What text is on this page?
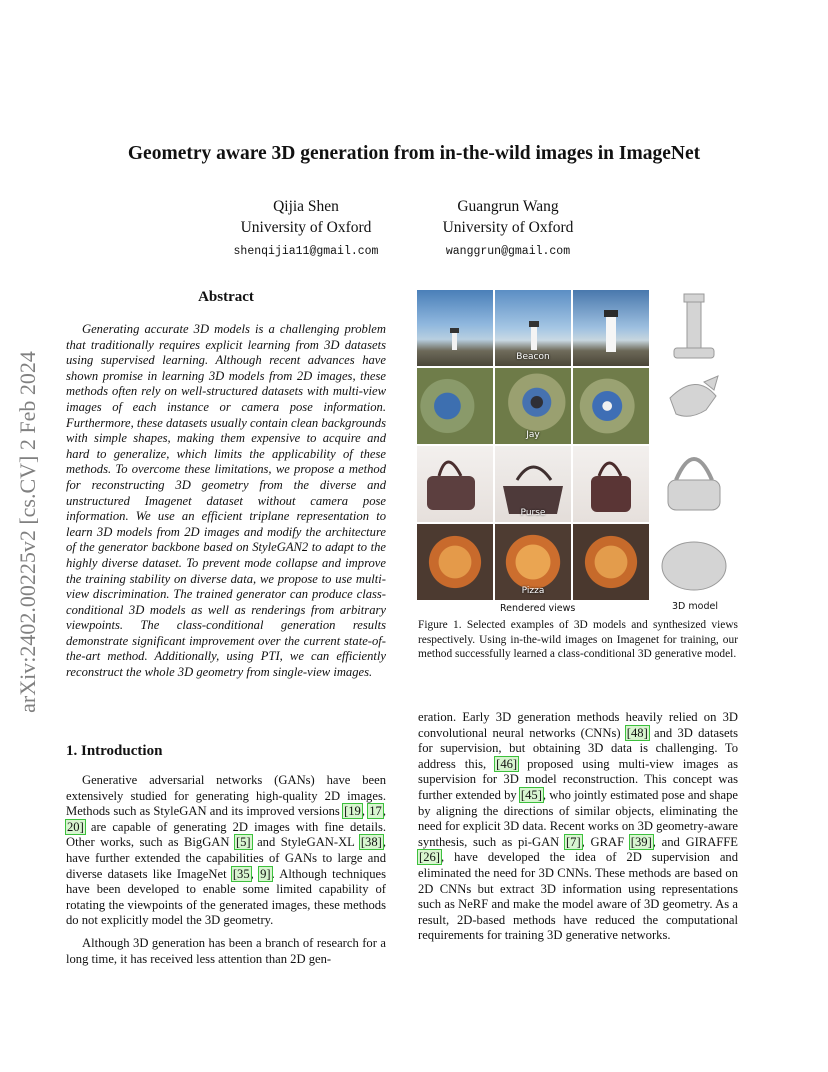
arXiv:2402.00225v2 [cs.CV] 2 Feb 2024
Geometry aware 3D generation from in-the-wild images in ImageNet
Qijia Shen
University of Oxford
shenqijia11@gmail.com
Guangrun Wang
University of Oxford
wanggrun@gmail.com
Abstract
Generating accurate 3D models is a challenging problem that traditionally requires explicit learning from 3D datasets using supervised learning. Although recent advances have shown promise in learning 3D models from 2D images, these methods often rely on well-structured datasets with multi-view images of each instance or camera pose information. Furthermore, these datasets usually contain clean backgrounds with simple shapes, making them expensive to acquire and hard to generalize, which limits the applicability of these methods. To overcome these limitations, we propose a method for reconstructing 3D geometry from the diverse and unstructured Imagenet dataset without camera pose information. We use an efficient triplane representation to learn 3D models from 2D images and modify the architecture of the generator backbone based on StyleGAN2 to adapt to the highly diverse dataset. To prevent mode collapse and improve the training stability on diverse data, we propose to use multi-view discrimination. The trained generator can produce class-conditional 3D models as well as renderings from arbitrary viewpoints. The class-conditional generation results demonstrate significant improvement over the current state-of-the-art method. Additionally, using PTI, we can efficiently reconstruct the whole 3D geometry from single-view images.
1. Introduction
Generative adversarial networks (GANs) have been extensively studied for generating high-quality 2D images. Methods such as StyleGAN and its improved versions [19, 17, 20] are capable of generating 2D images with fine details. Other works, such as BigGAN [5] and StyleGAN-XL [38], have further extended the capabilities of GANs to large and diverse datasets like ImageNet [35, 9]. Although techniques have been developed to enable some limited capability of rotating the viewpoints of the generated images, these methods do not explicitly model the 3D geometry.
Although 3D generation has been a branch of research for a long time, it has received less attention than 2D gen-
Beacon
Jay
Purse
Pizza
Rendered views	3D model
Figure 1. Selected examples of 3D models and synthesized views respectively. Using in-the-wild images on Imagenet for training, our method successfully learned a class-conditional 3D generative model.
eration. Early 3D generation methods heavily relied on 3D convolutional neural networks (CNNs) [48] and 3D datasets for supervision, but obtaining 3D data is challenging. To address this, [46] proposed using multi-view images as supervision for 3D model reconstruction. This concept was further extended by [45], who jointly estimated pose and shape by aligning the directions of similar objects, eliminating the need for explicit 3D data. Recent works on 3D geometry-aware synthesis, such as pi-GAN [7], GRAF [39], and GIRAFFE [26], have developed the idea of 2D supervision and eliminated the need for 3D CNNs. These methods are based on 2D CNNs but extract 3D information using representations such as NeRF and make the model aware of 3D geometry. As a result, 2D-based methods have reduced the computational requirements for training 3D generative networks.
